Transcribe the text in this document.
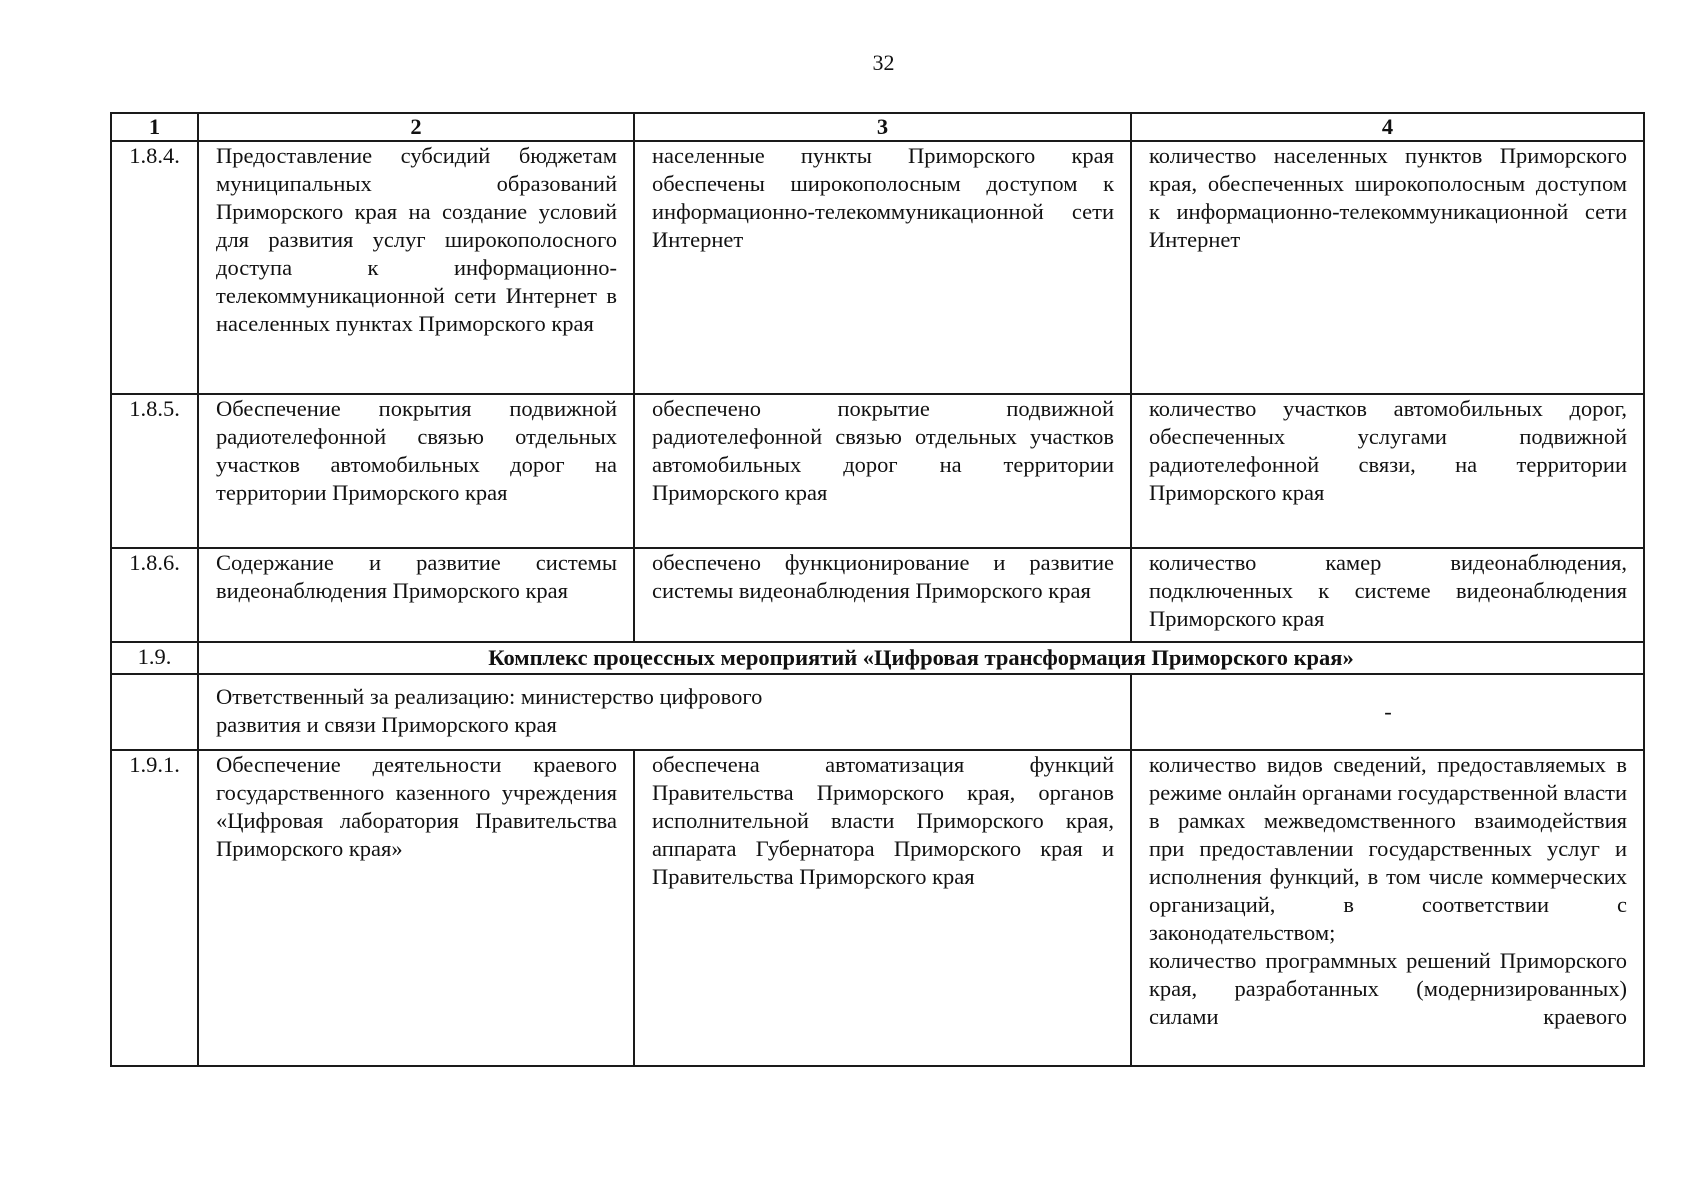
32
1	2	3	4
1.8.4.	Предоставление субсидий бюджетам муниципальных образований Приморского края на создание условий для развития услуг широкополосного доступа к информационно-телекоммуникационной сети Интернет в населенных пунктах Приморского края	населенные пункты Приморского края обеспечены широкополосным доступом к информационно-телекоммуникационной сети Интернет	количество населенных пунктов Приморского края, обеспеченных широкополосным доступом к информационно-телекоммуникационной сети Интернет

1.8.5.	Обеспечение покрытия подвижной радиотелефонной связью отдельных участков автомобильных дорог на территории Приморского края	обеспечено покрытие подвижной радиотелефонной связью отдельных участков автомобильных дорог на территории Приморского края	количество участков автомобильных дорог, обеспеченных услугами подвижной радиотелефонной связи, на территории Приморского края

1.8.6.	Содержание и развитие системы видеонаблюдения Приморского края	обеспечено функционирование и развитие системы видеонаблюдения Приморского края	количество камер видеонаблюдения, подключенных к системе видеонаблюдения Приморского края

1.9.	Комплекс процессных мероприятий «Цифровая трансформация Приморского края»		

	Ответственный за реализацию: министерство цифрового развития и связи Приморского края		-
1.9.1.	Обеспечение деятельности краевого государственного казенного учреждения «Цифровая лаборатория Правительства Приморского края»	обеспечена автоматизация функций Правительства Приморского края, органов исполнительной власти Приморского края, аппарата Губернатора Приморского края и Правительства Приморского края	количество видов сведений, предоставляемых в режиме онлайн органами государственной власти в рамках межведомственного взаимодействия при предоставлении государственных услуг и исполнения функций, в том числе коммерческих организаций, в соответствии с законодательством;
количество программных решений Приморского края, разработанных (модернизированных) силами краевого
